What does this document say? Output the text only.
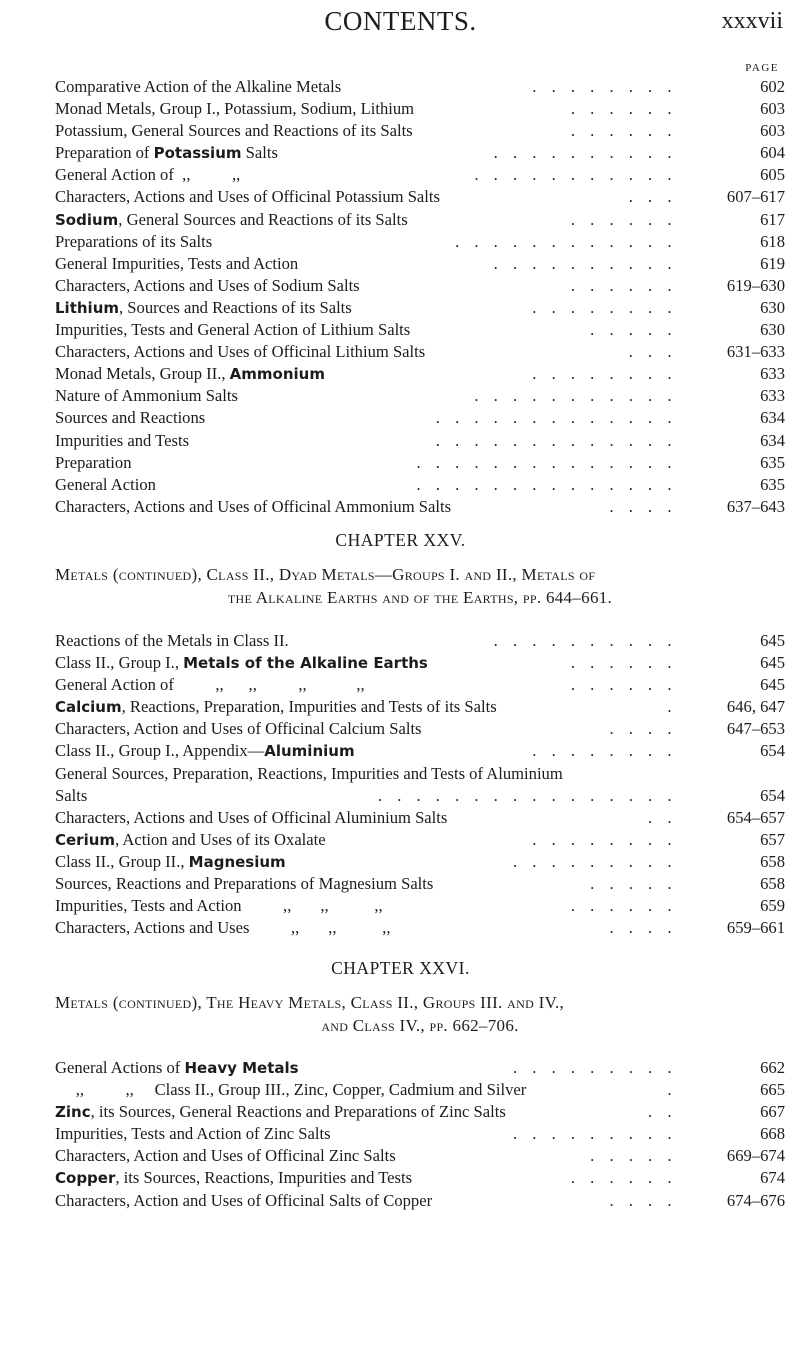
CONTENTS.	xxxvii
PAGE
Comparative Action of the Alkaline Metals	. . . . . . . .	602
Monad Metals, Group I., Potassium, Sodium, Lithium	. . . . . .	603
Potassium, General Sources and Reactions of its Salts	. . . . . .	603
Preparation of Potassium Salts	. . . . . . . . . .	604
General Action of  ,,          ,,	. . . . . . . . . . .	605
Characters, Actions and Uses of Officinal Potassium Salts	. . .	607–617
Sodium, General Sources and Reactions of its Salts	. . . . . .	617
Preparations of its Salts	. . . . . . . . . . . .	618
General Impurities, Tests and Action	. . . . . . . . . .	619
Characters, Actions and Uses of Sodium Salts	. . . . . .	619–630
Lithium, Sources and Reactions of its Salts	. . . . . . . .	630
Impurities, Tests and General Action of Lithium Salts	. . . . .	630
Characters, Actions and Uses of Officinal Lithium Salts	. . .	631–633
Monad Metals, Group II., Ammonium	. . . . . . . .	633
Nature of Ammonium Salts	. . . . . . . . . . .	633
Sources and Reactions	. . . . . . . . . . . . .	634
Impurities and Tests	. . . . . . . . . . . . .	634
Preparation	. . . . . . . . . . . . . .	635
General Action	. . . . . . . . . . . . . .	635
Characters, Actions and Uses of Officinal Ammonium Salts	. . . .	637–643
CHAPTER XXV.
Metals (continued), Class II., Dyad Metals—Groups I. and II., Metals of
the Alkaline Earths and of the Earths, pp. 644–661.
Reactions of the Metals in Class II.	. . . . . . . . . .	645
Class II., Group I., Metals of the Alkaline Earths	. . . . . .	645
General Action of          ,,      ,,          ,,            ,,	. . . . . .	645
Calcium, Reactions, Preparation, Impurities and Tests of its Salts	.	646, 647
Characters, Action and Uses of Officinal Calcium Salts	. . . .	647–653
Class II., Group I., Appendix—Aluminium	. . . . . . . .	654
General Sources, Preparation, Reactions, Impurities and Tests of Aluminium
Salts	. . . . . . . . . . . . . . . .	654
Characters, Actions and Uses of Officinal Aluminium Salts	. .	654–657
Cerium, Action and Uses of its Oxalate	. . . . . . . .	657
Class II., Group II., Magnesium	. . . . . . . . .	658
Sources, Reactions and Preparations of Magnesium Salts	. . . . .	658
Impurities, Tests and Action          ,,       ,,           ,,	. . . . . .	659
Characters, Actions and Uses          ,,       ,,           ,,	. . . .	659–661
CHAPTER XXVI.
Metals (continued), The Heavy Metals, Class II., Groups III. and IV.,
and Class IV., pp. 662–706.
General Actions of Heavy Metals	. . . . . . . . .	662
,,          ,,     Class II., Group III., Zinc, Copper, Cadmium and Silver	.	665
Zinc, its Sources, General Reactions and Preparations of Zinc Salts	. .	667
Impurities, Tests and Action of Zinc Salts	. . . . . . . . .	668
Characters, Action and Uses of Officinal Zinc Salts	. . . . .	669–674
Copper, its Sources, Reactions, Impurities and Tests	. . . . . .	674
Characters, Action and Uses of Officinal Salts of Copper	. . . .	674–676
